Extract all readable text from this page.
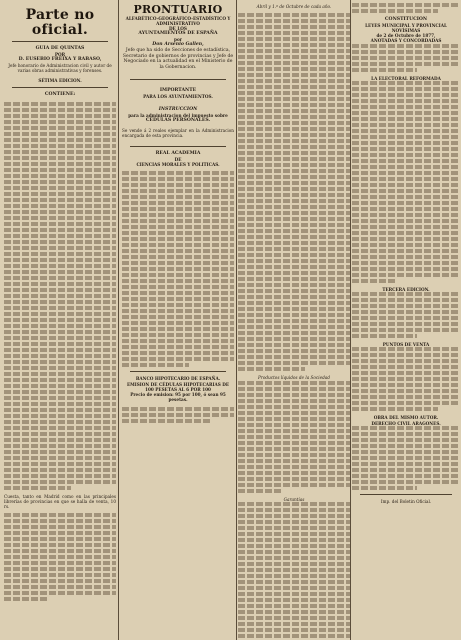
Parte no oficial.
GUIA DE QUINTAS
POR
D. EUSEBIO FREIXA Y RABASO,
Jefe honorario de Administracion civil y autor de varias obras administrativas y forenses.
SÉTIMA EDICION.
CONTIENE:
Cuesta, tanto en Madrid como en las principales librerías de provincias en que se halla de venta, 10 rs.
PRONTUARIO
ALFABÉTICO-GEOGRÁFICO-ESTADÍSTICO Y ADMINISTRATIVO
DE LOS
AYUNTAMIENTOS DE ESPAÑA
por
Don Arsenio Gallen,
Jefe que ha sido de Secciones de estadística, Secretario de gobiernos de provincias y Jefe de Negociado en la actualidad en el Ministerio de la Gobernacion.
IMPORTANTE
PARA LOS AYUNTAMIENTOS.
INSTRUCCION
para la administracion del impuesto sobre
CÉDULAS PERSONALES.
Se vende á 2 reales ejemplar en la Administracion encargada de esta provincia.
REAL ACADEMIA
DE
CIENCIAS MORALES Y POLITICAS.
BANCO HIPOTECARIO DE ESPAÑA.
EMISION DE CÉDULAS HIPOTECARIAS DE 100 PESETAS AL 6 POR 100
Precio de emision: 95 por 100, ó sean 95 pesetas.
Abril y 1.º de Octubre de cada año.
Productos líquidos de la Sociedad
Garantías
CONSTITUCION
LEYES MUNICIPAL Y PROVINCIAL
NOVÍSIMAS
de 2 de Octubre de 1877,
ANOTADAS Y CONCORDADAS
LA ELECTORAL REFORMADA
TERCERA EDICION.
PUNTOS DE VENTA
OBRA DEL MISMO AUTOR.
DERECHO CIVIL ARAGONES.
Imp. del Boletin Oficial.
